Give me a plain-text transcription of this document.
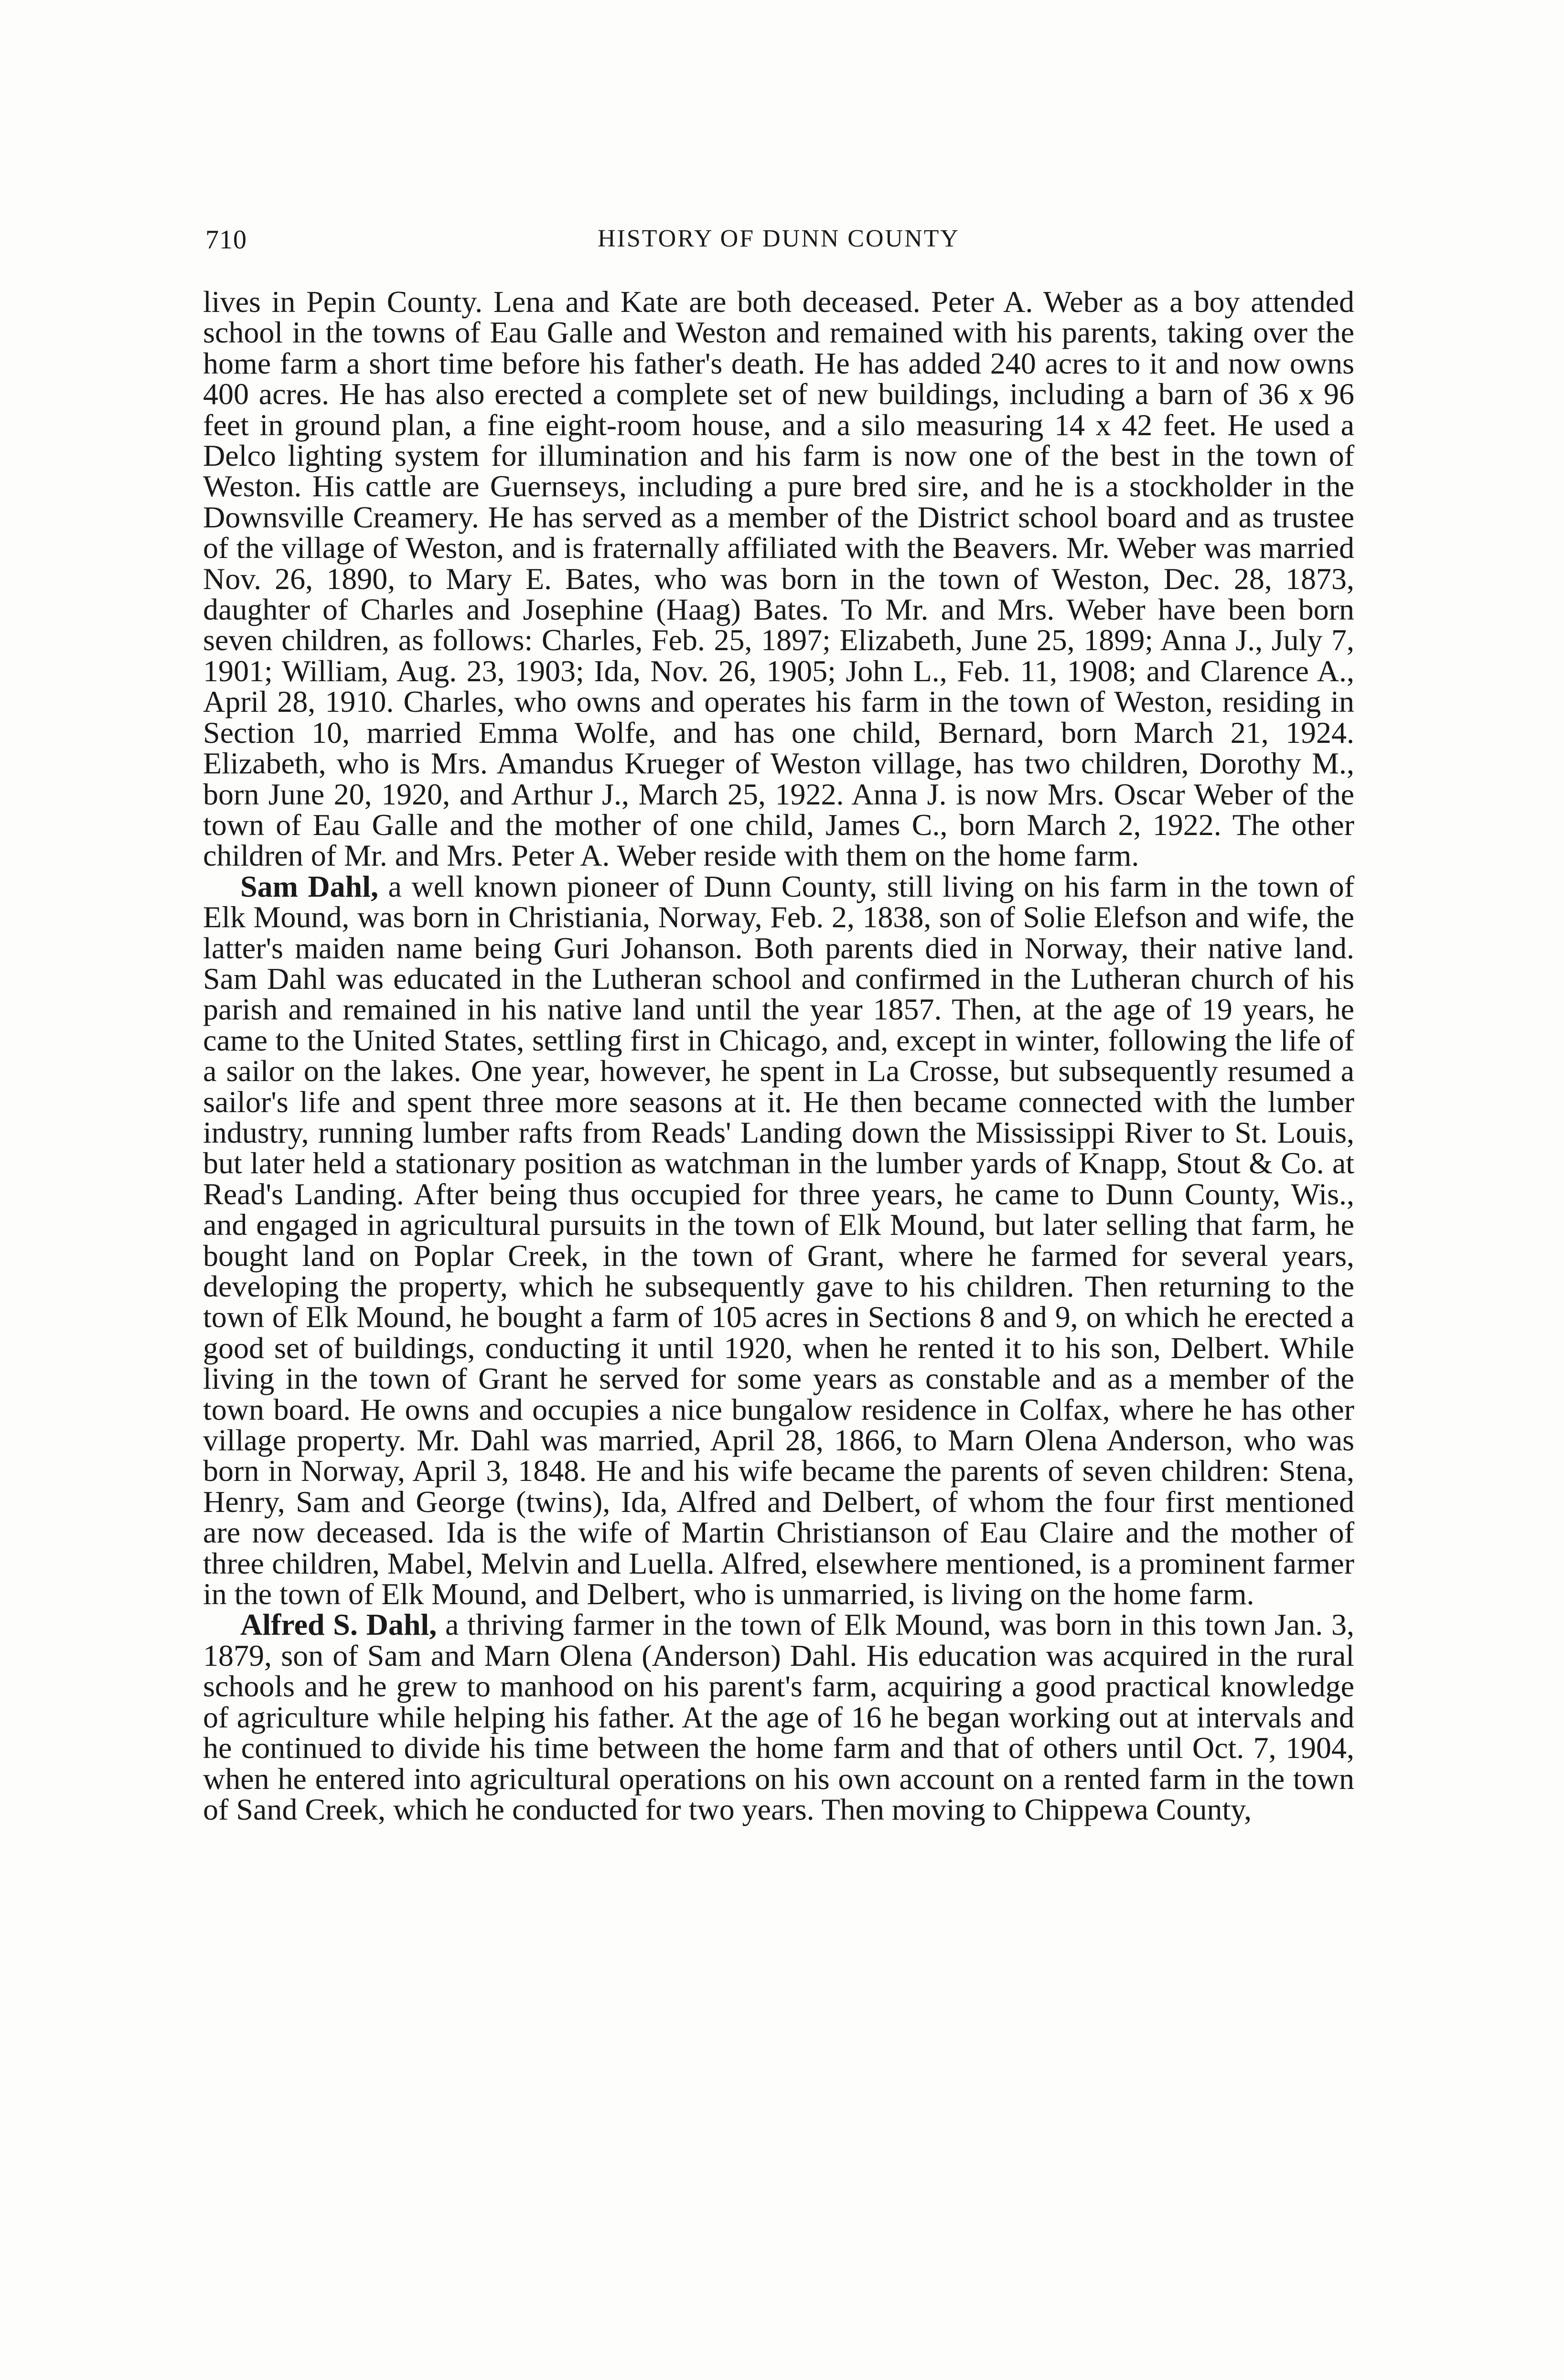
710	HISTORY OF DUNN COUNTY

lives in Pepin County. Lena and Kate are both deceased. Peter A. Weber as a boy attended school in the towns of Eau Galle and Weston and remained with his parents, taking over the home farm a short time before his father's death. He has added 240 acres to it and now owns 400 acres. He has also erected a complete set of new buildings, including a barn of 36 x 96 feet in ground plan, a fine eight-room house, and a silo measuring 14 x 42 feet. He used a Delco lighting system for illumination and his farm is now one of the best in the town of Weston. His cattle are Guernseys, including a pure bred sire, and he is a stockholder in the Downsville Creamery. He has served as a member of the District school board and as trustee of the village of Weston, and is fraternally affiliated with the Beavers. Mr. Weber was married Nov. 26, 1890, to Mary E. Bates, who was born in the town of Weston, Dec. 28, 1873, daughter of Charles and Josephine (Haag) Bates. To Mr. and Mrs. Weber have been born seven children, as follows: Charles, Feb. 25, 1897; Elizabeth, June 25, 1899; Anna J., July 7, 1901; William, Aug. 23, 1903; Ida, Nov. 26, 1905; John L., Feb. 11, 1908; and Clarence A., April 28, 1910. Charles, who owns and operates his farm in the town of Weston, residing in Section 10, married Emma Wolfe, and has one child, Bernard, born March 21, 1924. Elizabeth, who is Mrs. Amandus Krueger of Weston village, has two children, Dorothy M., born June 20, 1920, and Arthur J., March 25, 1922. Anna J. is now Mrs. Oscar Weber of the town of Eau Galle and the mother of one child, James C., born March 2, 1922. The other children of Mr. and Mrs. Peter A. Weber reside with them on the home farm.

Sam Dahl, a well known pioneer of Dunn County, still living on his farm in the town of Elk Mound, was born in Christiania, Norway, Feb. 2, 1838, son of Solie Elefson and wife, the latter's maiden name being Guri Johanson. Both parents died in Norway, their native land. Sam Dahl was educated in the Lutheran school and confirmed in the Lutheran church of his parish and remained in his native land until the year 1857. Then, at the age of 19 years, he came to the United States, settling first in Chicago, and, except in winter, following the life of a sailor on the lakes. One year, however, he spent in La Crosse, but subsequently resumed a sailor's life and spent three more seasons at it. He then became connected with the lumber industry, running lumber rafts from Reads' Landing down the Mississippi River to St. Louis, but later held a stationary position as watchman in the lumber yards of Knapp, Stout & Co. at Read's Landing. After being thus occupied for three years, he came to Dunn County, Wis., and engaged in agricultural pursuits in the town of Elk Mound, but later selling that farm, he bought land on Poplar Creek, in the town of Grant, where he farmed for several years, developing the property, which he subsequently gave to his children. Then returning to the town of Elk Mound, he bought a farm of 105 acres in Sections 8 and 9, on which he erected a good set of buildings, conducting it until 1920, when he rented it to his son, Delbert. While living in the town of Grant he served for some years as constable and as a member of the town board. He owns and occupies a nice bungalow residence in Colfax, where he has other village property. Mr. Dahl was married, April 28, 1866, to Marn Olena Anderson, who was born in Norway, April 3, 1848. He and his wife became the parents of seven children: Stena, Henry, Sam and George (twins), Ida, Alfred and Delbert, of whom the four first mentioned are now deceased. Ida is the wife of Martin Christianson of Eau Claire and the mother of three children, Mabel, Melvin and Luella. Alfred, elsewhere mentioned, is a prominent farmer in the town of Elk Mound, and Delbert, who is unmarried, is living on the home farm.

Alfred S. Dahl, a thriving farmer in the town of Elk Mound, was born in this town Jan. 3, 1879, son of Sam and Marn Olena (Anderson) Dahl. His education was acquired in the rural schools and he grew to manhood on his parent's farm, acquiring a good practical knowledge of agriculture while helping his father. At the age of 16 he began working out at intervals and he continued to divide his time between the home farm and that of others until Oct. 7, 1904, when he entered into agricultural operations on his own account on a rented farm in the town of Sand Creek, which he conducted for two years. Then moving to Chippewa County,
